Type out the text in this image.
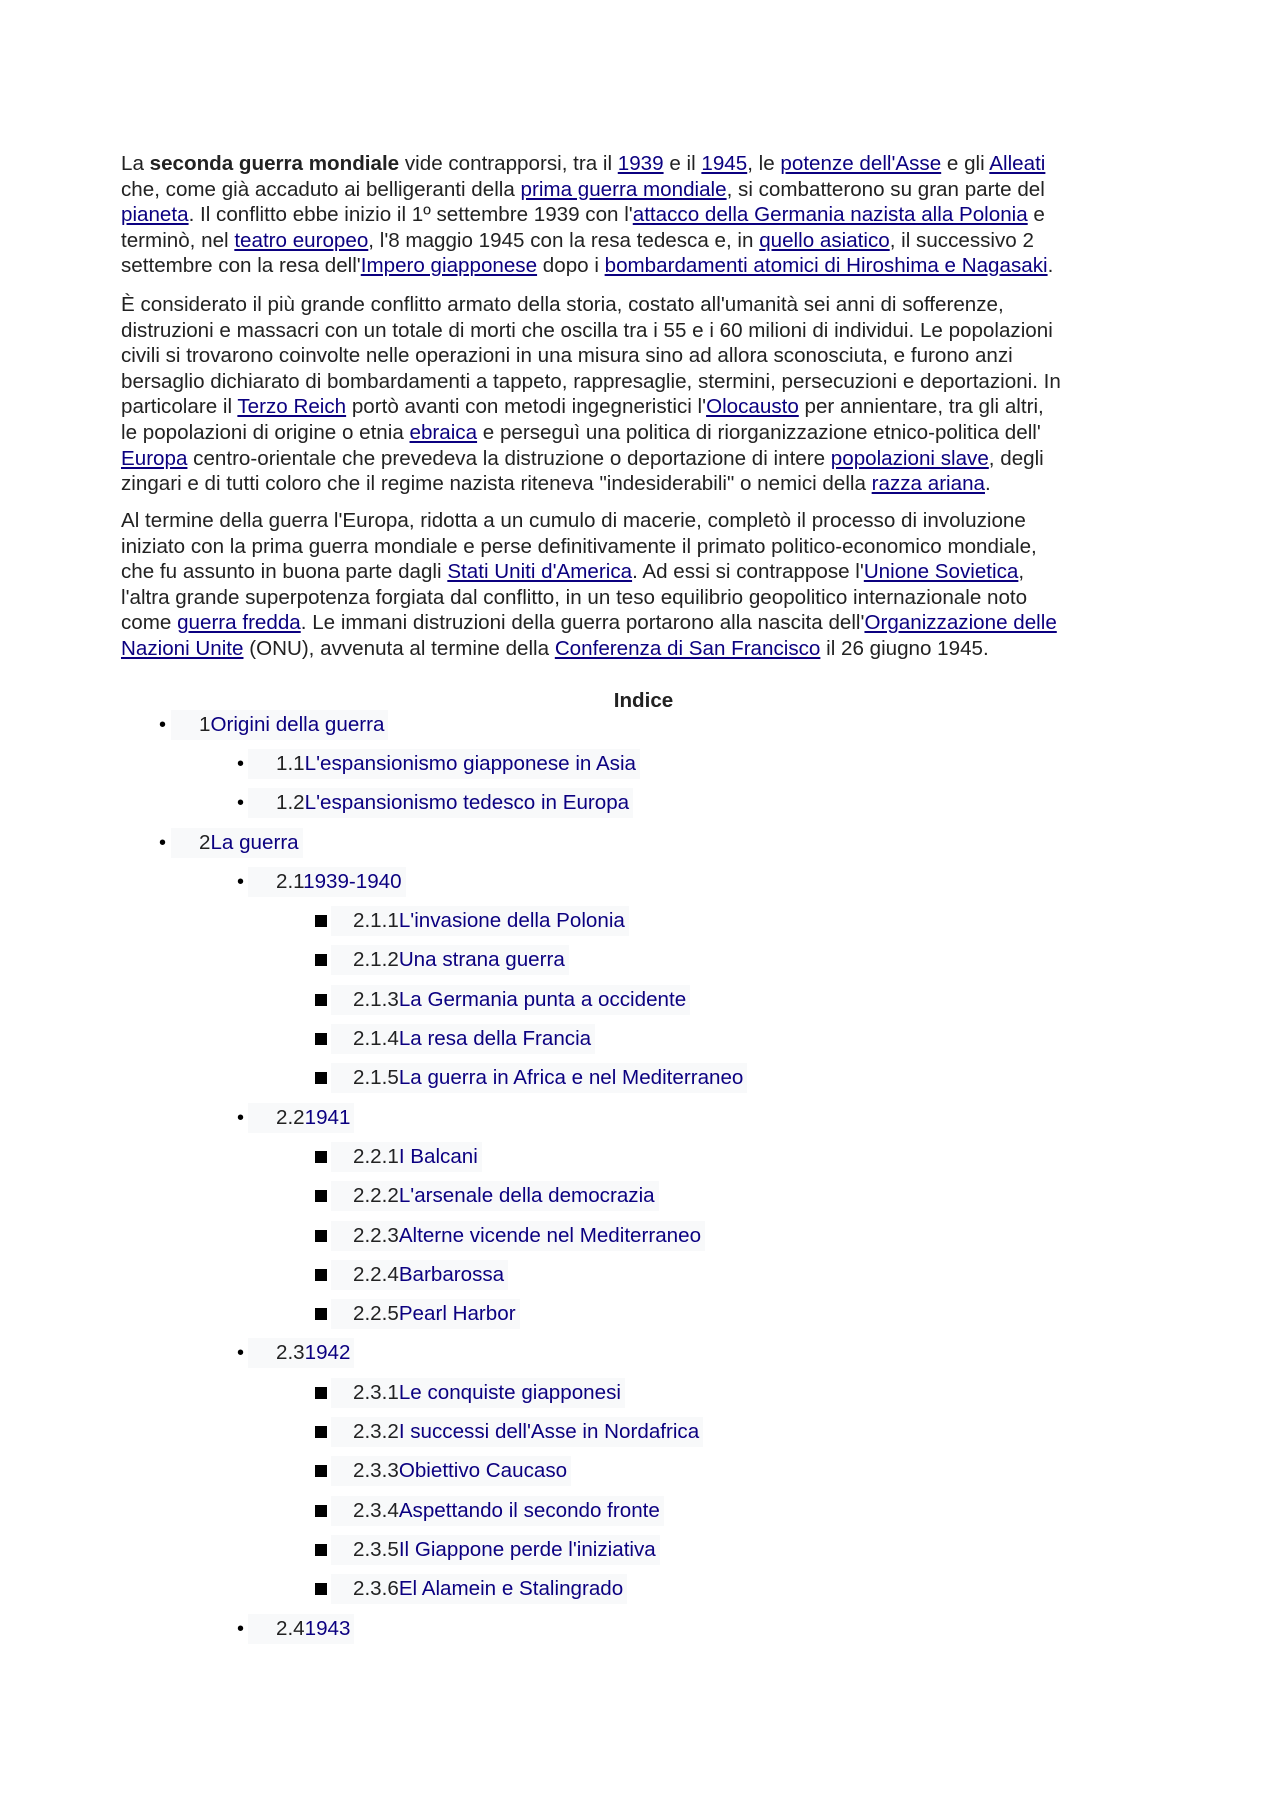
La seconda guerra mondiale vide contrapporsi, tra il 1939 e il 1945, le potenze dell'Asse e gli Alleati
che, come già accaduto ai belligeranti della prima guerra mondiale, si combatterono su gran parte del
pianeta. Il conflitto ebbe inizio il 1º settembre 1939 con l'attacco della Germania nazista alla Polonia e
terminò, nel teatro europeo, l'8 maggio 1945 con la resa tedesca e, in quello asiatico, il successivo 2
settembre con la resa dell'Impero giapponese dopo i bombardamenti atomici di Hiroshima e Nagasaki.

È considerato il più grande conflitto armato della storia, costato all'umanità sei anni di sofferenze,
distruzioni e massacri con un totale di morti che oscilla tra i 55 e i 60 milioni di individui. Le popolazioni
civili si trovarono coinvolte nelle operazioni in una misura sino ad allora sconosciuta, e furono anzi
bersaglio dichiarato di bombardamenti a tappeto, rappresaglie, stermini, persecuzioni e deportazioni. In
particolare il Terzo Reich portò avanti con metodi ingegneristici l'Olocausto per annientare, tra gli altri,
le popolazioni di origine o etnia ebraica e perseguì una politica di riorganizzazione etnico-politica dell'
Europa centro-orientale che prevedeva la distruzione o deportazione di intere popolazioni slave, degli
zingari e di tutti coloro che il regime nazista riteneva "indesiderabili" o nemici della razza ariana.

Al termine della guerra l'Europa, ridotta a un cumulo di macerie, completò il processo di involuzione
iniziato con la prima guerra mondiale e perse definitivamente il primato politico-economico mondiale,
che fu assunto in buona parte dagli Stati Uniti d'America. Ad essi si contrappose l'Unione Sovietica,
l'altra grande superpotenza forgiata dal conflitto, in un teso equilibrio geopolitico internazionale noto
come guerra fredda. Le immani distruzioni della guerra portarono alla nascita dell'Organizzazione delle
Nazioni Unite (ONU), avvenuta al termine della Conferenza di San Francisco il 26 giugno 1945.

Indice
•	1Origini della guerra
•	1.1L'espansionismo giapponese in Asia
•	1.2L'espansionismo tedesco in Europa
•	2La guerra
•	2.11939-1940
2.1.1L'invasione della Polonia
2.1.2Una strana guerra
2.1.3La Germania punta a occidente
2.1.4La resa della Francia
2.1.5La guerra in Africa e nel Mediterraneo
•	2.21941
2.2.1I Balcani
2.2.2L'arsenale della democrazia
2.2.3Alterne vicende nel Mediterraneo
2.2.4Barbarossa
2.2.5Pearl Harbor
•	2.31942
2.3.1Le conquiste giapponesi
2.3.2I successi dell'Asse in Nordafrica
2.3.3Obiettivo Caucaso
2.3.4Aspettando il secondo fronte
2.3.5Il Giappone perde l'iniziativa
2.3.6El Alamein e Stalingrado
•	2.41943
